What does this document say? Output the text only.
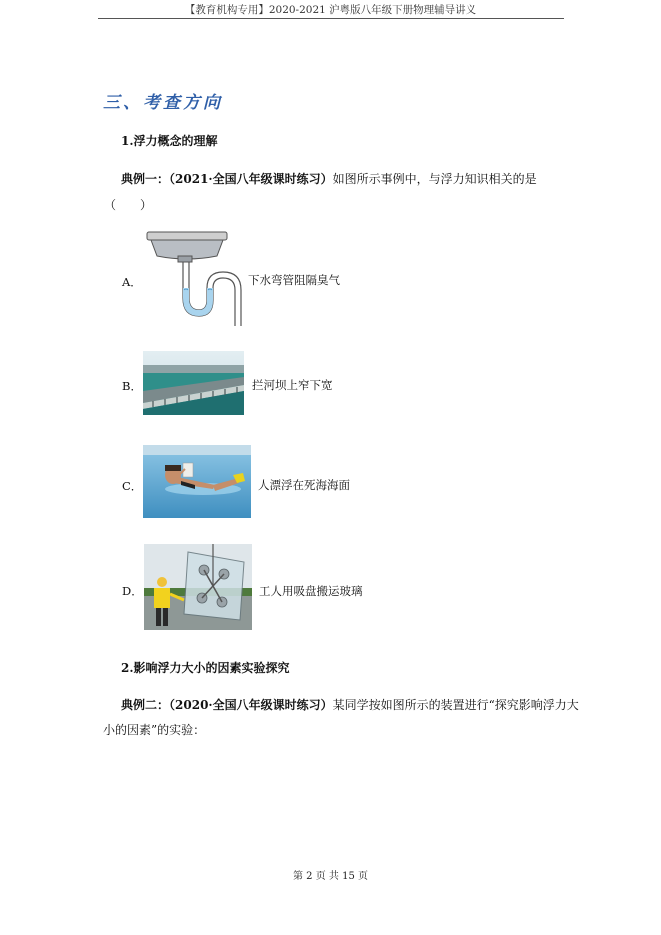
【教育机构专用】2020-2021 沪粤版八年级下册物理辅导讲义
三、考查方向
1.浮力概念的理解
典例一：（2021·全国八年级课时练习）如图所示事例中，与浮力知识相关的是
（　　）
A．	下水弯管阻隔臭气
B．	拦河坝上窄下宽
C．	人漂浮在死海海面
D．	工人用吸盘搬运玻璃
2.影响浮力大小的因素实验探究
典例二：（2020·全国八年级课时练习）某同学按如图所示的装置进行“探究影响浮力大
小的因素”的实验：
第 2 页 共 15 页
